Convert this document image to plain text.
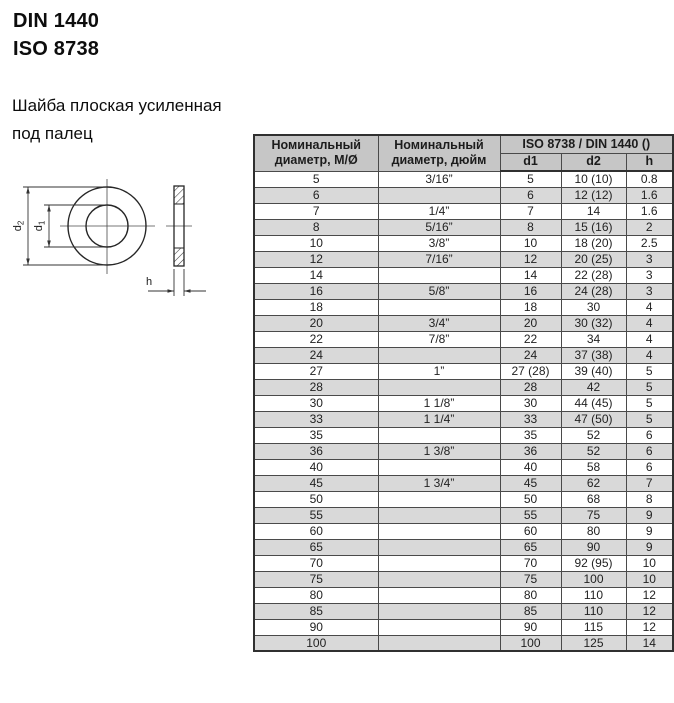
DIN 1440
ISO 8738
Шайба плоская усиленная
под палец
$d_2$
$d_1$
h
Номинальный диаметр, М/Ø	Номинальный диаметр, дюйм	ISO 8738 / DIN 1440 ()		
		d1	d2	h
5	3/16”	5	10 (10)	0.8
6		6	12 (12)	1.6
7	1/4”	7	14	1.6
8	5/16”	8	15 (16)	2
10	3/8”	10	18 (20)	2.5
12	7/16”	12	20 (25)	3
14		14	22 (28)	3
16	5/8”	16	24 (28)	3
18		18	30	4
20	3/4”	20	30 (32)	4
22	7/8”	22	34	4
24		24	37 (38)	4
27	1”	27 (28)	39 (40)	5
28		28	42	5
30	1 1/8”	30	44 (45)	5
33	1 1/4”	33	47 (50)	5
35		35	52	6
36	1 3/8”	36	52	6
40		40	58	6
45	1 3/4”	45	62	7
50		50	68	8
55		55	75	9
60		60	80	9
65		65	90	9
70		70	92 (95)	10
75		75	100	10
80		80	110	12
85		85	110	12
90		90	115	12
100		100	125	14
